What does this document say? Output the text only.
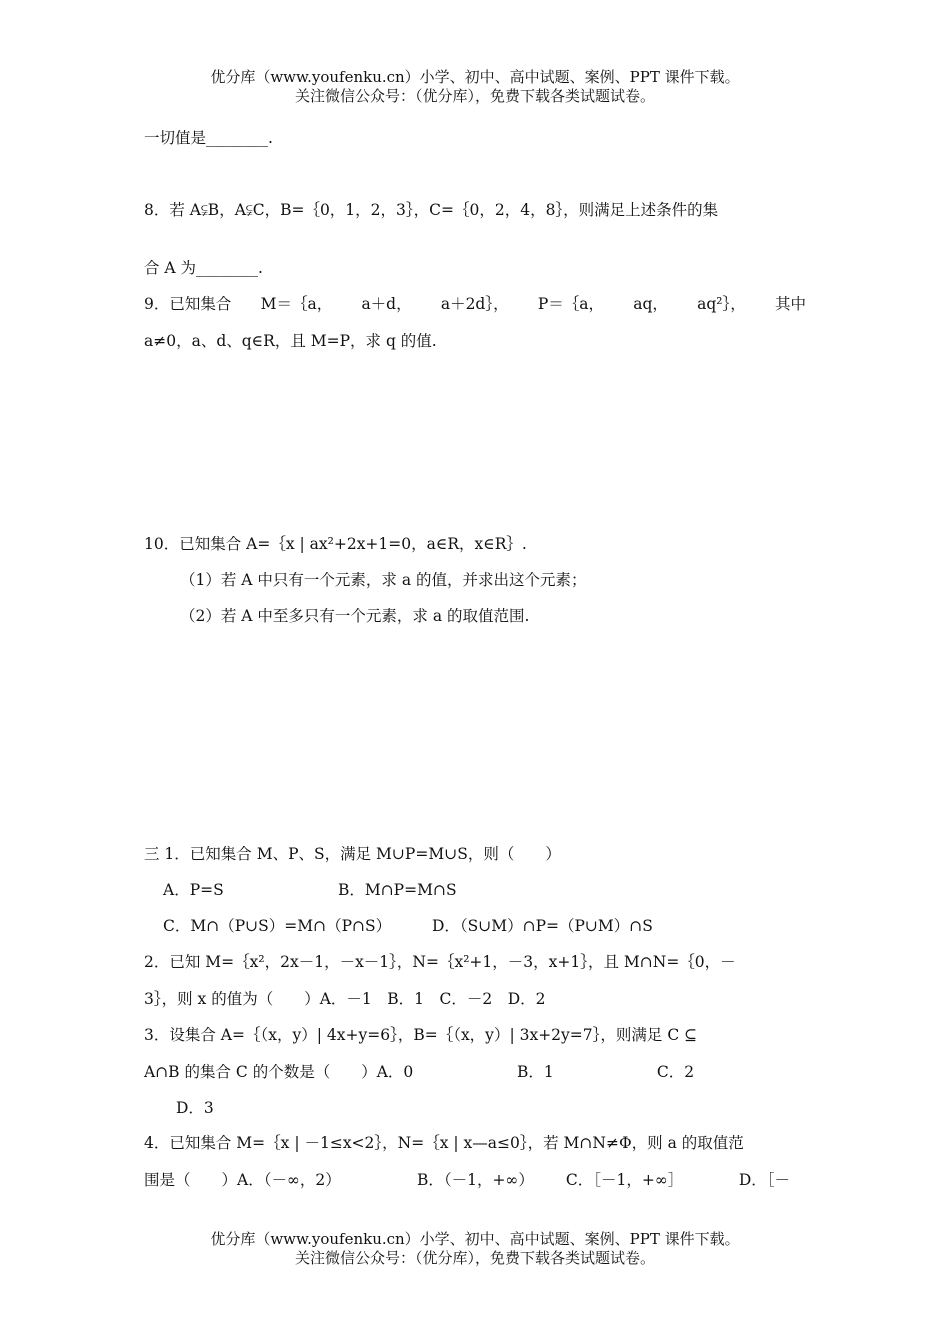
优分库（www.youfenku.cn）小学、初中、高中试题、案例、PPT 课件下载。
关注微信公众号：（优分库），免费下载各类试题试卷。
一切值是________.
8．若 A⫋B，A⫋C，B=｛0，1，2，3｝，C=｛0，2，4，8｝，则满足上述条件的集
合 A 为________.
9．已知集合 M＝｛a， a＋d， a＋2d｝， P＝｛a， aq， aq²｝， 其中
a≠0，a、d、q∈R，且 M=P，求 q 的值.
10．已知集合 A=｛x | ax²+2x+1=0，a∈R，x∈R｝.
（1）若 A 中只有一个元素，求 a 的值，并求出这个元素；
（2）若 A 中至多只有一个元素，求 a 的取值范围.
三 1．已知集合 M、P、S，满足 M∪P=M∪S，则（　　）
A．P=S	B．M∩P=M∩S
C．M∩（P∪S）=M∩（P∩S）	D．（S∪M）∩P=（P∪M）∩S
2．已知 M=｛x²，2x－1，－x－1｝，N=｛x²+1，－3，x+1｝，且 M∩N=｛0，－
3｝，则 x 的值为（　　）A．－1　B．1　C．－2　D．2
3．设集合 A=｛（x，y）| 4x+y=6｝，B=｛（x，y）| 3x+2y=7｝，则满足 C ⊆
A∩B 的集合 C 的个数是（　　）A．0	B．1	C．2
D．3
4．已知集合 M=｛x | －1≤x<2｝，N=｛x | x—a≤0｝，若 M∩N≠Φ，则 a 的取值范
围是（　　）A．（－∞，2）	B．（－1，+∞） C．［－1，+∞］	D．［－
优分库（www.youfenku.cn）小学、初中、高中试题、案例、PPT 课件下载。
关注微信公众号：（优分库），免费下载各类试题试卷。
